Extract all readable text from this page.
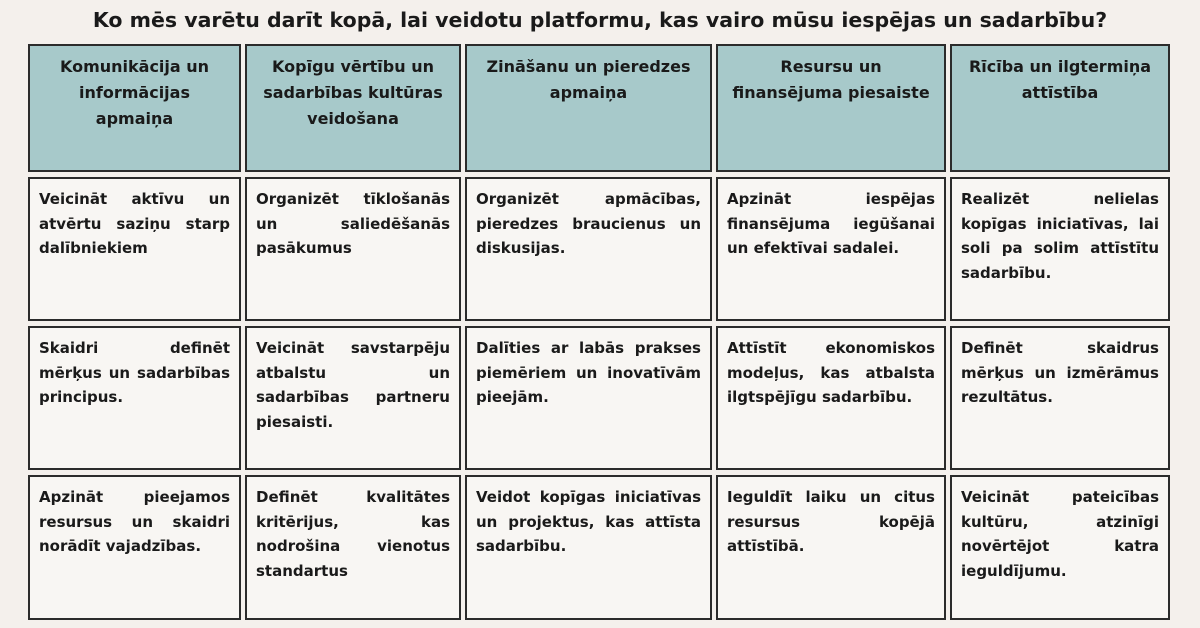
Ko mēs varētu darīt kopā, lai veidotu platformu, kas vairo mūsu iespējas un sadarbību?
Komunikācija un informācijas apmaiņa
Kopīgu vērtību un sadarbības kultūras veidošana
Zināšanu un pieredzes apmaiņa
Resursu un finansējuma piesaiste
Rīcība un ilgtermiņa attīstība
Veicināt aktīvu un atvērtu saziņu starp dalībniekiem
Organizēt tīklošanās un saliedēšanās pasākumus
Organizēt apmācības, pieredzes braucienus un diskusijas.
Apzināt iespējas finansējuma iegūšanai un efektīvai sadalei.
Realizēt nelielas kopīgas iniciatīvas, lai soli pa solim attīstītu sadarbību.
Skaidri definēt mērķus un sadarbības principus.
Veicināt savstarpēju atbalstu un sadarbības partneru piesaisti.
Dalīties ar labās prakses piemēriem un inovatīvām pieejām.
Attīstīt ekonomiskos modeļus, kas atbalsta ilgtspējīgu sadarbību.
Definēt skaidrus mērķus un izmērāmus rezultātus.
Apzināt pieejamos resursus un skaidri norādīt vajadzības.
Definēt kvalitātes kritērijus, kas nodrošina vienotus standartus
Veidot kopīgas iniciatīvas un projektus, kas attīsta sadarbību.
Ieguldīt laiku un citus resursus kopējā attīstībā.
Veicināt pateicības kultūru, atzinīgi novērtējot katra ieguldījumu.
